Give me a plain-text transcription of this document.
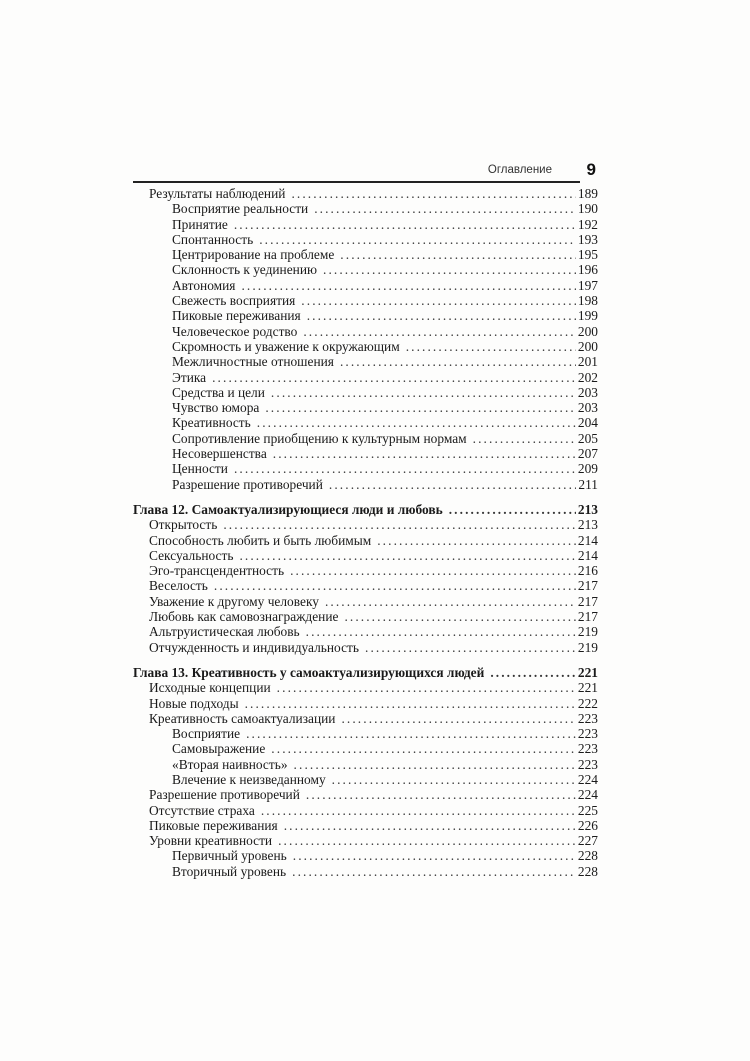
Оглавление 9
Результаты наблюдений .....	189
Восприятие реальности .....	190
Принятие .....	192
Спонтанность .....	193
Центрирование на проблеме .....	195
Склонность к уединению .....	196
Автономия .....	197
Свежесть восприятия .....	198
Пиковые переживания .....	199
Человеческое родство .....	200
Скромность и уважение к окружающим .....	200
Межличностные отношения .....	201
Этика .....	202
Средства и цели .....	203
Чувство юмора .....	203
Креативность .....	204
Сопротивление приобщению к культурным нормам .....	205
Несовершенства .....	207
Ценности .....	209
Разрешение противоречий .....	211
Глава 12. Самоактуализирующиеся люди и любовь .....	213
Открытость .....	213
Способность любить и быть любимым .....	214
Сексуальность .....	214
Эго-трансцендентность .....	216
Веселость .....	217
Уважение к другому человеку .....	217
Любовь как самовознаграждение .....	217
Альтруистическая любовь .....	219
Отчужденность и индивидуальность .....	219
Глава 13. Креативность у самоактуализирующихся людей .....	221
Исходные концепции .....	221
Новые подходы .....	222
Креативность самоактуализации .....	223
Восприятие .....	223
Самовыражение .....	223
«Вторая наивность» .....	223
Влечение к неизведанному .....	224
Разрешение противоречий .....	224
Отсутствие страха .....	225
Пиковые переживания .....	226
Уровни креативности .....	227
Первичный уровень .....	228
Вторичный уровень .....	228
